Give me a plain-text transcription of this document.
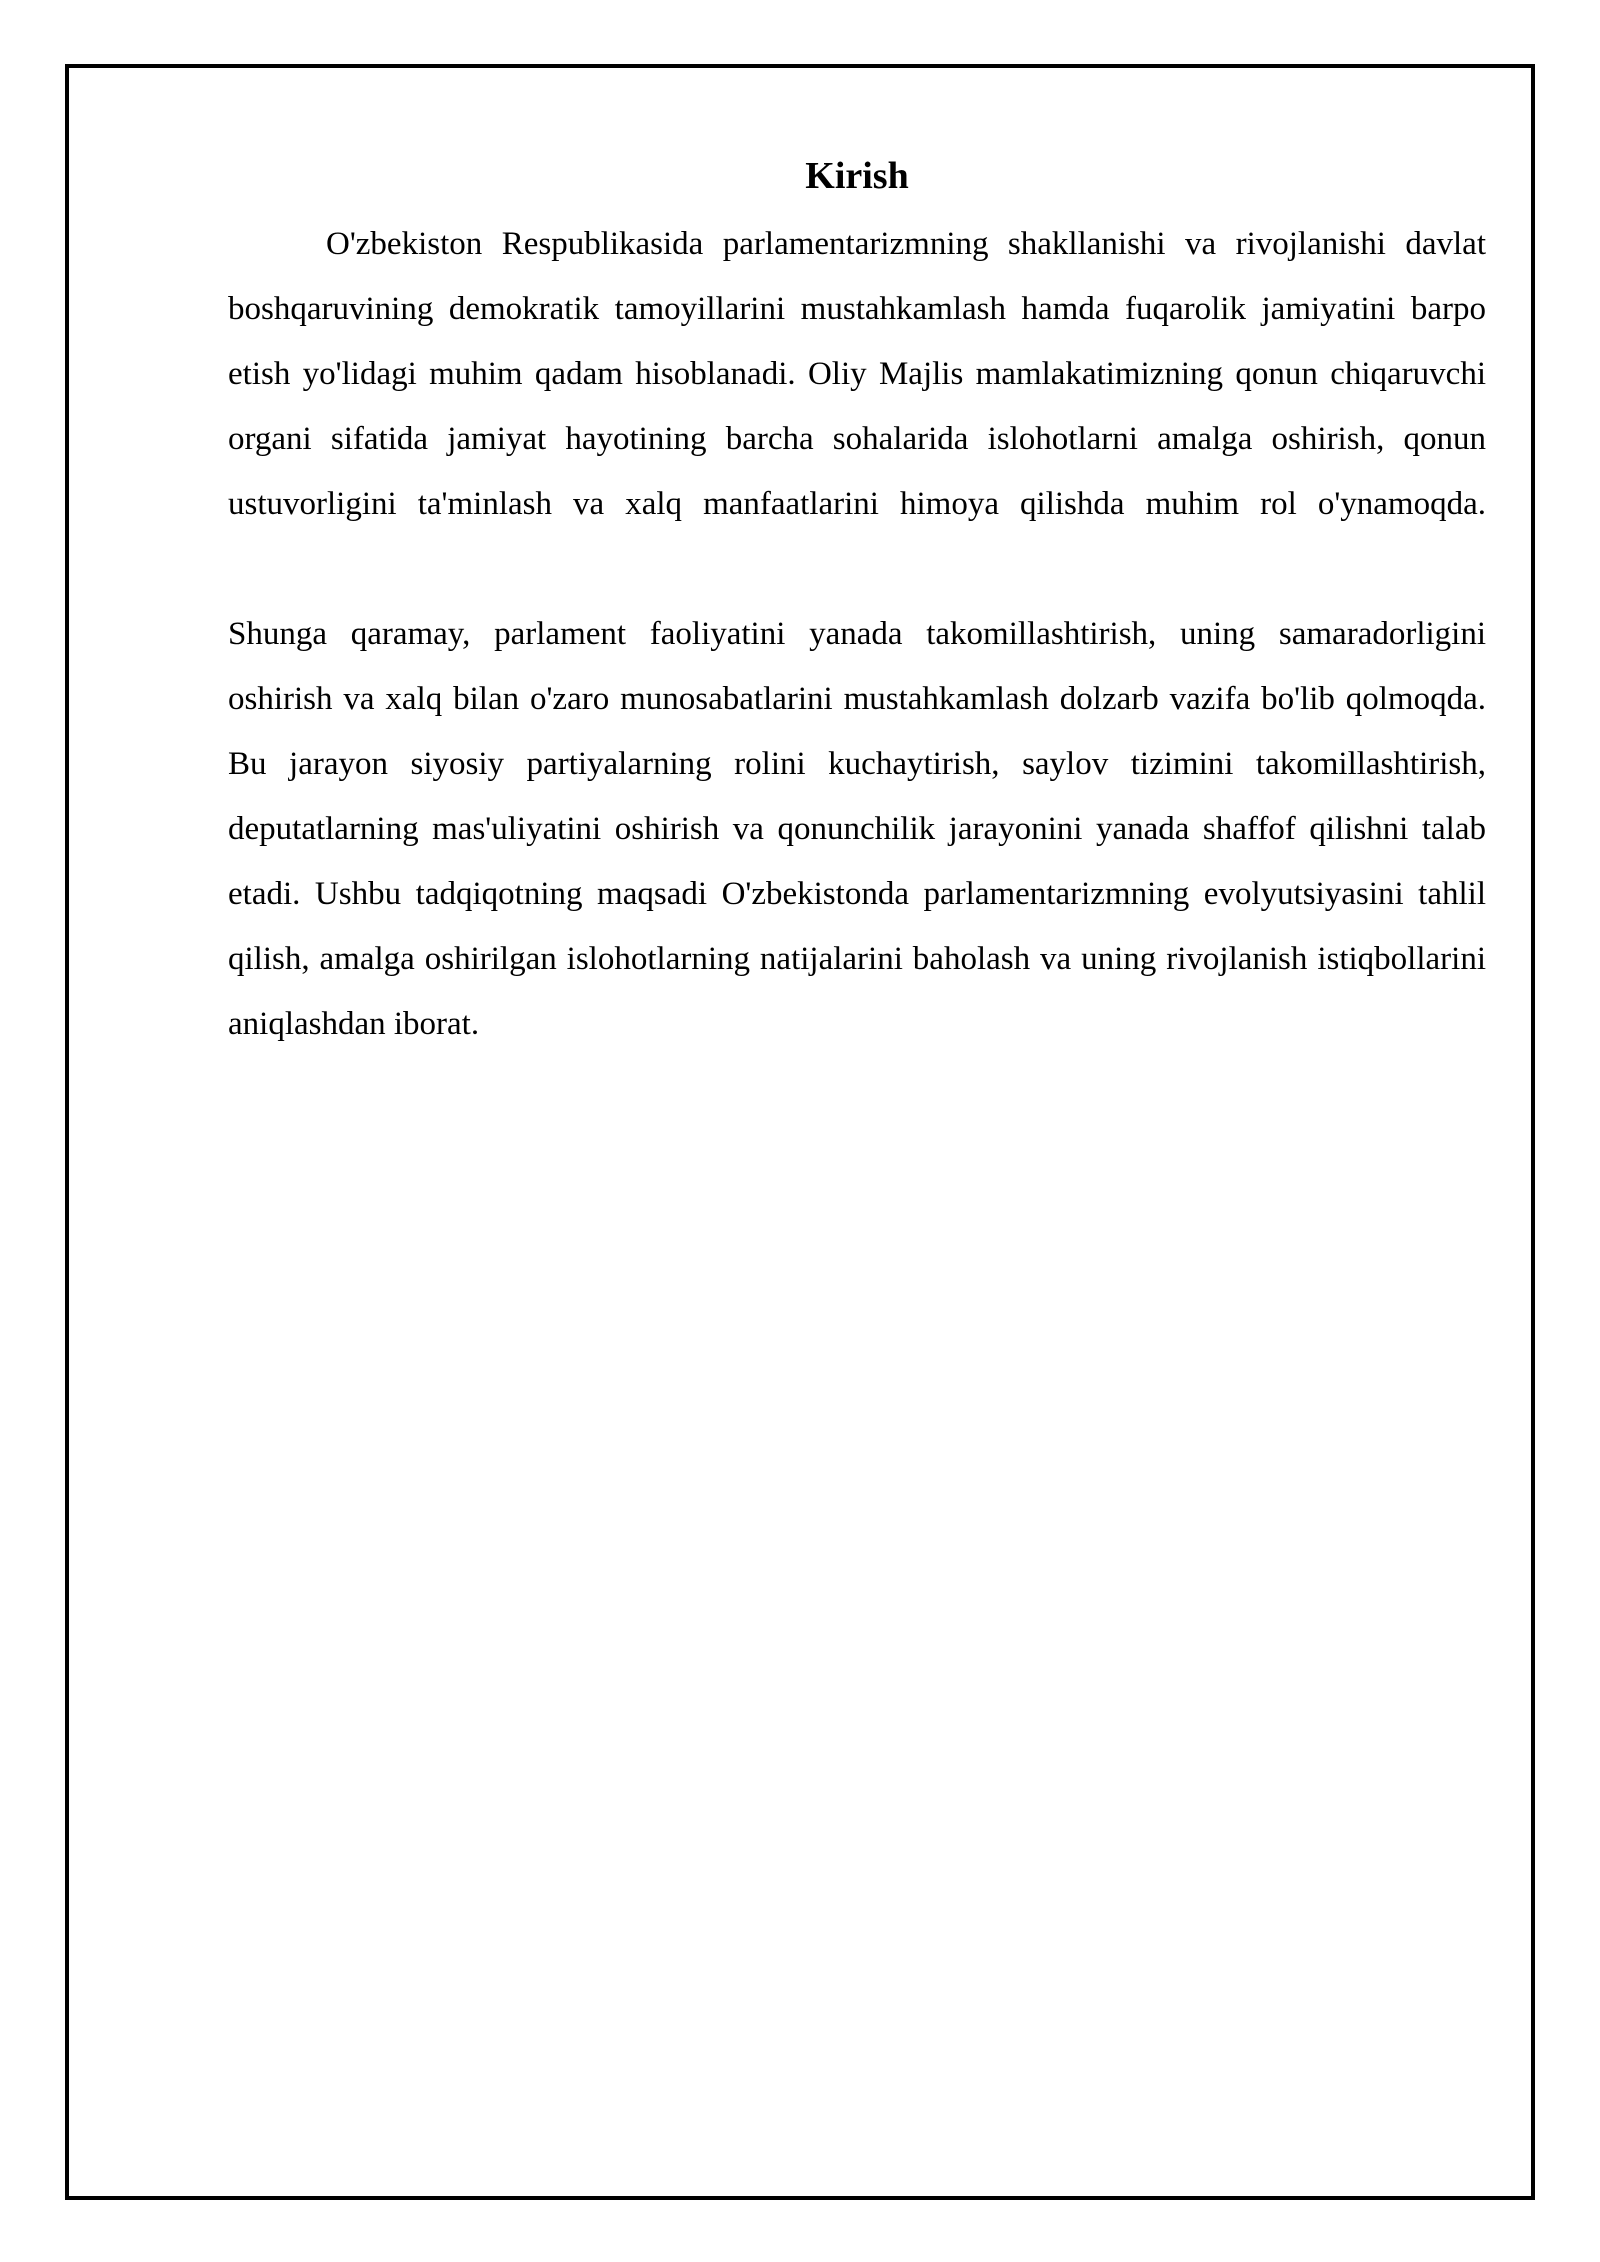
Kirish

O'zbekiston Respublikasida parlamentarizmning shakllanishi va rivojlanishi davlat boshqaruvining demokratik tamoyillarini mustahkamlash hamda fuqarolik jamiyatini barpo etish yo'lidagi muhim qadam hisoblanadi. Oliy Majlis mamlakatimizning qonun chiqaruvchi organi sifatida jamiyat hayotining barcha sohalarida islohotlarni amalga oshirish, qonun ustuvorligini ta'minlash va xalq manfaatlarini himoya qilishda muhim rol o'ynamoqda.

Shunga qaramay, parlament faoliyatini yanada takomillashtirish, uning samaradorligini oshirish va xalq bilan o'zaro munosabatlarini mustahkamlash dolzarb vazifa bo'lib qolmoqda. Bu jarayon siyosiy partiyalarning rolini kuchaytirish, saylov tizimini takomillashtirish, deputatlarning mas'uliyatini oshirish va qonunchilik jarayonini yanada shaffof qilishni talab etadi. Ushbu tadqiqotning maqsadi O'zbekistonda parlamentarizmning evolyutsiyasini tahlil qilish, amalga oshirilgan islohotlarning natijalarini baholash va uning rivojlanish istiqbollarini aniqlashdan iborat.
